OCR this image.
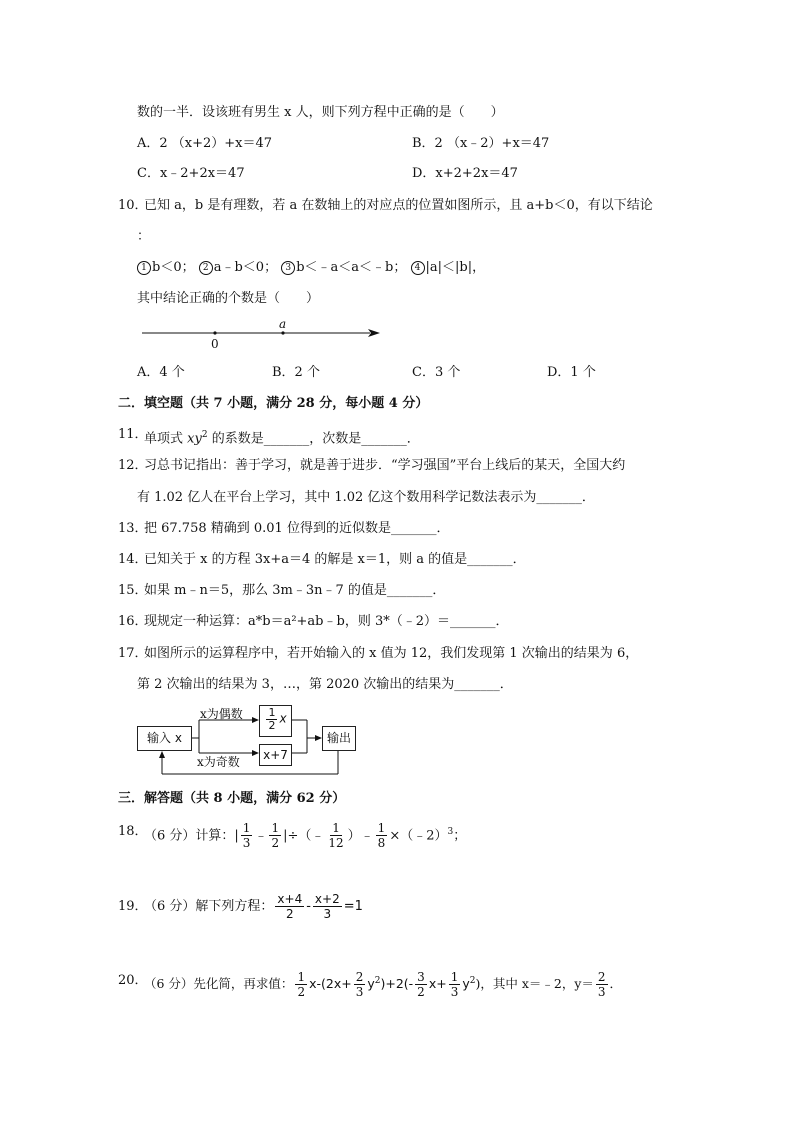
数的一半．设该班有男生 x 人，则下列方程中正确的是（　　）
A．2 （x+2）+x＝47	B．2 （x﹣2）+x＝47
C．x﹣2+2x＝47	D．x+2+2x＝47
10．
已知 a，b 是有理数，若 a 在数轴上的对应点的位置如图所示，且 a+b＜0，有以下结论
：
1 b＜0； 2 a﹣b＜0； 3 b＜﹣a＜a＜﹣b； 4 |a|＜|b|，
其中结论正确的个数是（　　）
0
a
A．4 个	B．2 个	C．3 个	D．1 个
二．填空题（共 7 小题，满分 28 分，每小题 4 分）
11．
单项式 $xy^2$ 的系数是_______，次数是_______．
12．
习总书记指出：善于学习，就是善于进步．“学习强国”平台上线后的某天，全国大约
有 1.02 亿人在平台上学习，其中 1.02 亿这个数用科学记数法表示为_______．
13．
把 67.758 精确到 0.01 位得到的近似数是_______．
14．
已知关于 x 的方程 3x+a＝4 的解是 x＝1，则 a 的值是_______．
15．
如果 m﹣n＝5，那么 3m﹣3n﹣7 的值是_______．
16．
现规定一种运算：a*b＝a²+ab﹣b，则 3*（﹣2）＝_______．
17．
如图所示的运算程序中，若开始输入的 x 值为 12，我们发现第 1 次输出的结果为 6，
第 2 次输出的结果为 3，…，第 2020 次输出的结果为_______．
输入 x
x为偶数
x为奇数
$\frac{1}{2}$ x
x+7
输出
三．解答题（共 8 小题，满分 62 分）
18．
（6 分）计算：| $\frac{1}{3}$ ﹣ $\frac{1}{2}$ |÷（﹣ $\frac{1}{12}$ ）﹣ $\frac{1}{8}$ ×（﹣2）$^3$；
19．
（6 分）解下列方程： $\frac{x+4}{2} - \frac{x+2}{3} =1$
20．
（6 分）先化简，再求值： $\frac{1}{2} x-(2x+ \frac{2}{3} y^2)+2(- \frac{3}{2} x+ \frac{1}{3} y^2)$，其中 x＝﹣2，$y= \frac{2}{3}$ ．
